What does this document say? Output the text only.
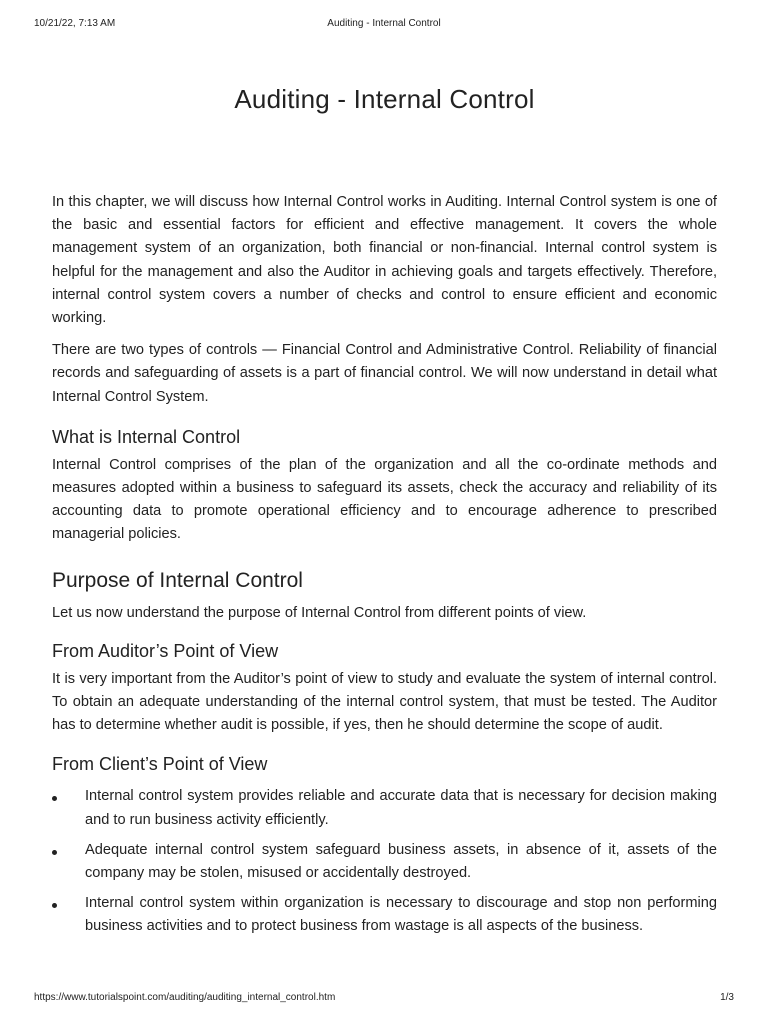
10/21/22, 7:13 AM	Auditing - Internal Control
Auditing - Internal Control

In this chapter, we will discuss how Internal Control works in Auditing. Internal Control system is one of the basic and essential factors for efficient and effective management. It covers the whole management system of an organization, both financial or non-financial. Internal control system is helpful for the management and also the Auditor in achieving goals and targets effectively. Therefore, internal control system covers a number of checks and control to ensure efficient and economic working.

There are two types of controls — Financial Control and Administrative Control. Reliability of financial records and safeguarding of assets is a part of financial control. We will now understand in detail what Internal Control System.

What is Internal Control

Internal Control comprises of the plan of the organization and all the co-ordinate methods and measures adopted within a business to safeguard its assets, check the accuracy and reliability of its accounting data to promote operational efficiency and to encourage adherence to prescribed managerial policies.

Purpose of Internal Control

Let us now understand the purpose of Internal Control from different points of view.

From Auditor’s Point of View

It is very important from the Auditor’s point of view to study and evaluate the system of internal control. To obtain an adequate understanding of the internal control system, that must be tested. The Auditor has to determine whether audit is possible, if yes, then he should determine the scope of audit.

From Client’s Point of View
Internal control system provides reliable and accurate data that is necessary for decision making and to run business activity efficiently.
Adequate internal control system safeguard business assets, in absence of it, assets of the company may be stolen, misused or accidentally destroyed.
Internal control system within organization is necessary to discourage and stop non performing business activities and to protect business from wastage is all aspects of the business.
https://www.tutorialspoint.com/auditing/auditing_internal_control.htm	1/3
